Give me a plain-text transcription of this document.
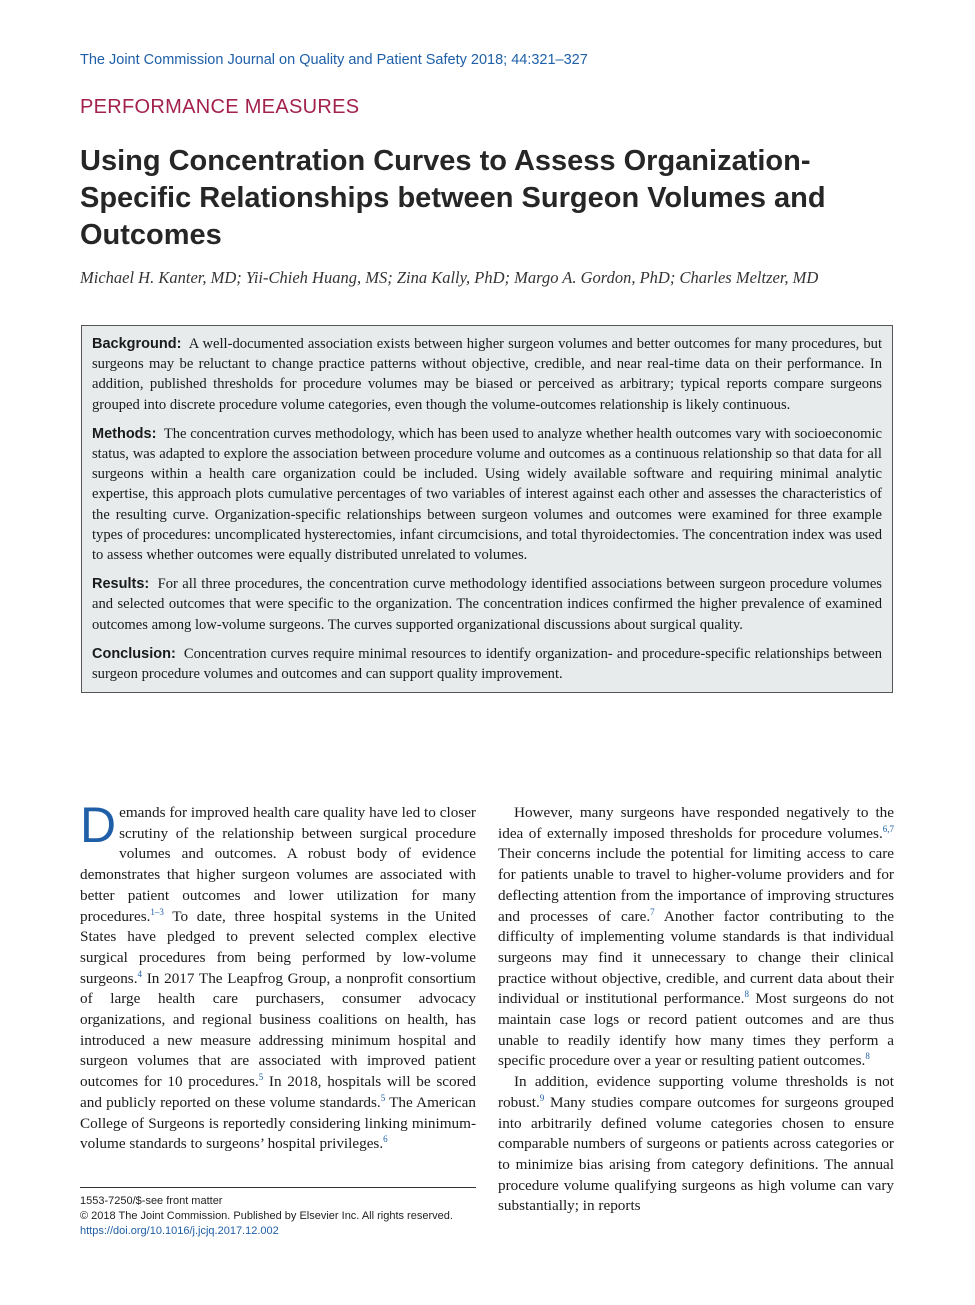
The Joint Commission Journal on Quality and Patient Safety 2018; 44:321–327
PERFORMANCE MEASURES
Using Concentration Curves to Assess Organization-Specific Relationships between Surgeon Volumes and Outcomes
Michael H. Kanter, MD; Yii-Chieh Huang, MS; Zina Kally, PhD; Margo A. Gordon, PhD; Charles Meltzer, MD

Background: A well-documented association exists between higher surgeon volumes and better outcomes for many procedures, but surgeons may be reluctant to change practice patterns without objective, credible, and near real-time data on their performance. In addition, published thresholds for procedure volumes may be biased or perceived as arbitrary; typical reports compare surgeons grouped into discrete procedure volume categories, even though the volume-outcomes relationship is likely continuous.

Methods: The concentration curves methodology, which has been used to analyze whether health outcomes vary with socioeconomic status, was adapted to explore the association between procedure volume and outcomes as a continuous relationship so that data for all surgeons within a health care organization could be included. Using widely available software and requiring minimal analytic expertise, this approach plots cumulative percentages of two variables of interest against each other and assesses the characteristics of the resulting curve. Organization-specific relationships between surgeon volumes and outcomes were examined for three example types of procedures: uncomplicated hysterectomies, infant circumcisions, and total thyroidectomies. The concentration index was used to assess whether outcomes were equally distributed unrelated to volumes.

Results: For all three procedures, the concentration curve methodology identified associations between surgeon procedure volumes and selected outcomes that were specific to the organization. The concentration indices confirmed the higher prevalence of examined outcomes among low-volume surgeons. The curves supported organizational discussions about surgical quality.

Conclusion: Concentration curves require minimal resources to identify organization- and procedure-specific relationships between surgeon procedure volumes and outcomes and can support quality improvement.

Demands for improved health care quality have led to closer scrutiny of the relationship between surgical procedure volumes and outcomes. A robust body of evidence demonstrates that higher surgeon volumes are associated with better patient outcomes and lower utilization for many procedures.$^{1-3}$ To date, three hospital systems in the United States have pledged to prevent selected complex elective surgical procedures from being performed by low-volume surgeons.$^4$ In 2017 The Leapfrog Group, a nonprofit consortium of large health care purchasers, consumer advocacy organizations, and regional business coalitions on health, has introduced a new measure addressing minimum hospital and surgeon volumes that are associated with improved patient outcomes for 10 procedures.$^5$ In 2018, hospitals will be scored and publicly reported on these volume standards.$^5$ The American College of Surgeons is reportedly considering linking minimum-volume standards to surgeons’ hospital privileges.$^6$

However, many surgeons have responded negatively to the idea of externally imposed thresholds for procedure volumes.$^{6,7}$ Their concerns include the potential for limiting access to care for patients unable to travel to higher-volume providers and for deflecting attention from the importance of improving structures and processes of care.$^7$ Another factor contributing to the difficulty of implementing volume standards is that individual surgeons may find it unnecessary to change their clinical practice without objective, credible, and current data about their individual or institutional performance.$^8$ Most surgeons do not maintain case logs or record patient outcomes and are thus unable to readily identify how many times they perform a specific procedure over a year or resulting patient outcomes.$^8$

In addition, evidence supporting volume thresholds is not robust.$^9$ Many studies compare outcomes for surgeons grouped into arbitrarily defined volume categories chosen to ensure comparable numbers of surgeons or patients across categories or to minimize bias arising from category definitions. The annual procedure volume qualifying surgeons as high volume can vary substantially; in reports

1553-7250/$-see front matter
© 2018 The Joint Commission. Published by Elsevier Inc. All rights reserved.
https://doi.org/10.1016/j.jcjq.2017.12.002
